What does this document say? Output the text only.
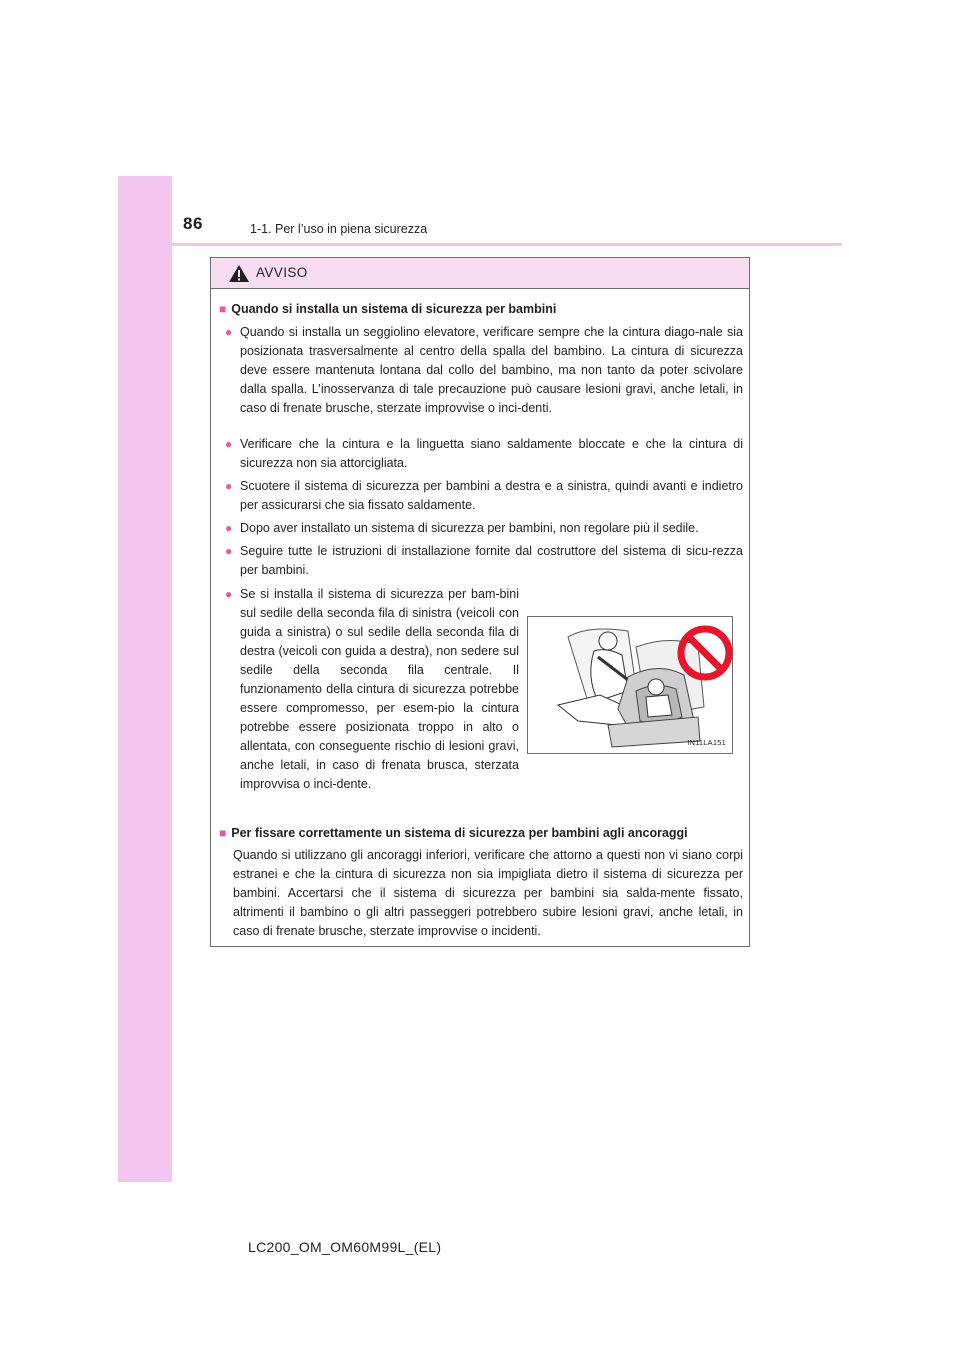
86	1-1. Per l’uso in piena sicurezza
AVVISO
■ Quando si installa un sistema di sicurezza per bambini
● Quando si installa un seggiolino elevatore, verificare sempre che la cintura diago-nale sia posizionata trasversalmente al centro della spalla del bambino. La cintura di sicurezza deve essere mantenuta lontana dal collo del bambino, ma non tanto da poter scivolare dalla spalla. L’inosservanza di tale precauzione può causare lesioni gravi, anche letali, in caso di frenate brusche, sterzate improvvise o inci-denti.
● Verificare che la cintura e la linguetta siano saldamente bloccate e che la cintura di sicurezza non sia attorcigliata.
● Scuotere il sistema di sicurezza per bambini a destra e a sinistra, quindi avanti e indietro per assicurarsi che sia fissato saldamente.
● Dopo aver installato un sistema di sicurezza per bambini, non regolare più il sedile.
● Seguire tutte le istruzioni di installazione fornite dal costruttore del sistema di sicu-rezza per bambini.
● Se si installa il sistema di sicurezza per bam-bini sul sedile della seconda fila di sinistra (veicoli con guida a sinistra) o sul sedile della seconda fila di destra (veicoli con guida a destra), non sedere sul sedile della seconda fila centrale. Il funzionamento della cintura di sicurezza potrebbe essere compromesso, per esem-pio la cintura potrebbe essere posizionata troppo in alto o allentata, con conseguente rischio di lesioni gravi, anche letali, in caso di frenata brusca, sterzata improvvisa o inci-dente.
IN11LA151
■ Per fissare correttamente un sistema di sicurezza per bambini agli ancoraggi
Quando si utilizzano gli ancoraggi inferiori, verificare che attorno a questi non vi siano corpi estranei e che la cintura di sicurezza non sia impigliata dietro il sistema di sicurezza per bambini. Accertarsi che il sistema di sicurezza per bambini sia salda-mente fissato, altrimenti il bambino o gli altri passeggeri potrebbero subire lesioni gravi, anche letali, in caso di frenate brusche, sterzate improvvise o incidenti.
LC200_OM_OM60M99L_(EL)
